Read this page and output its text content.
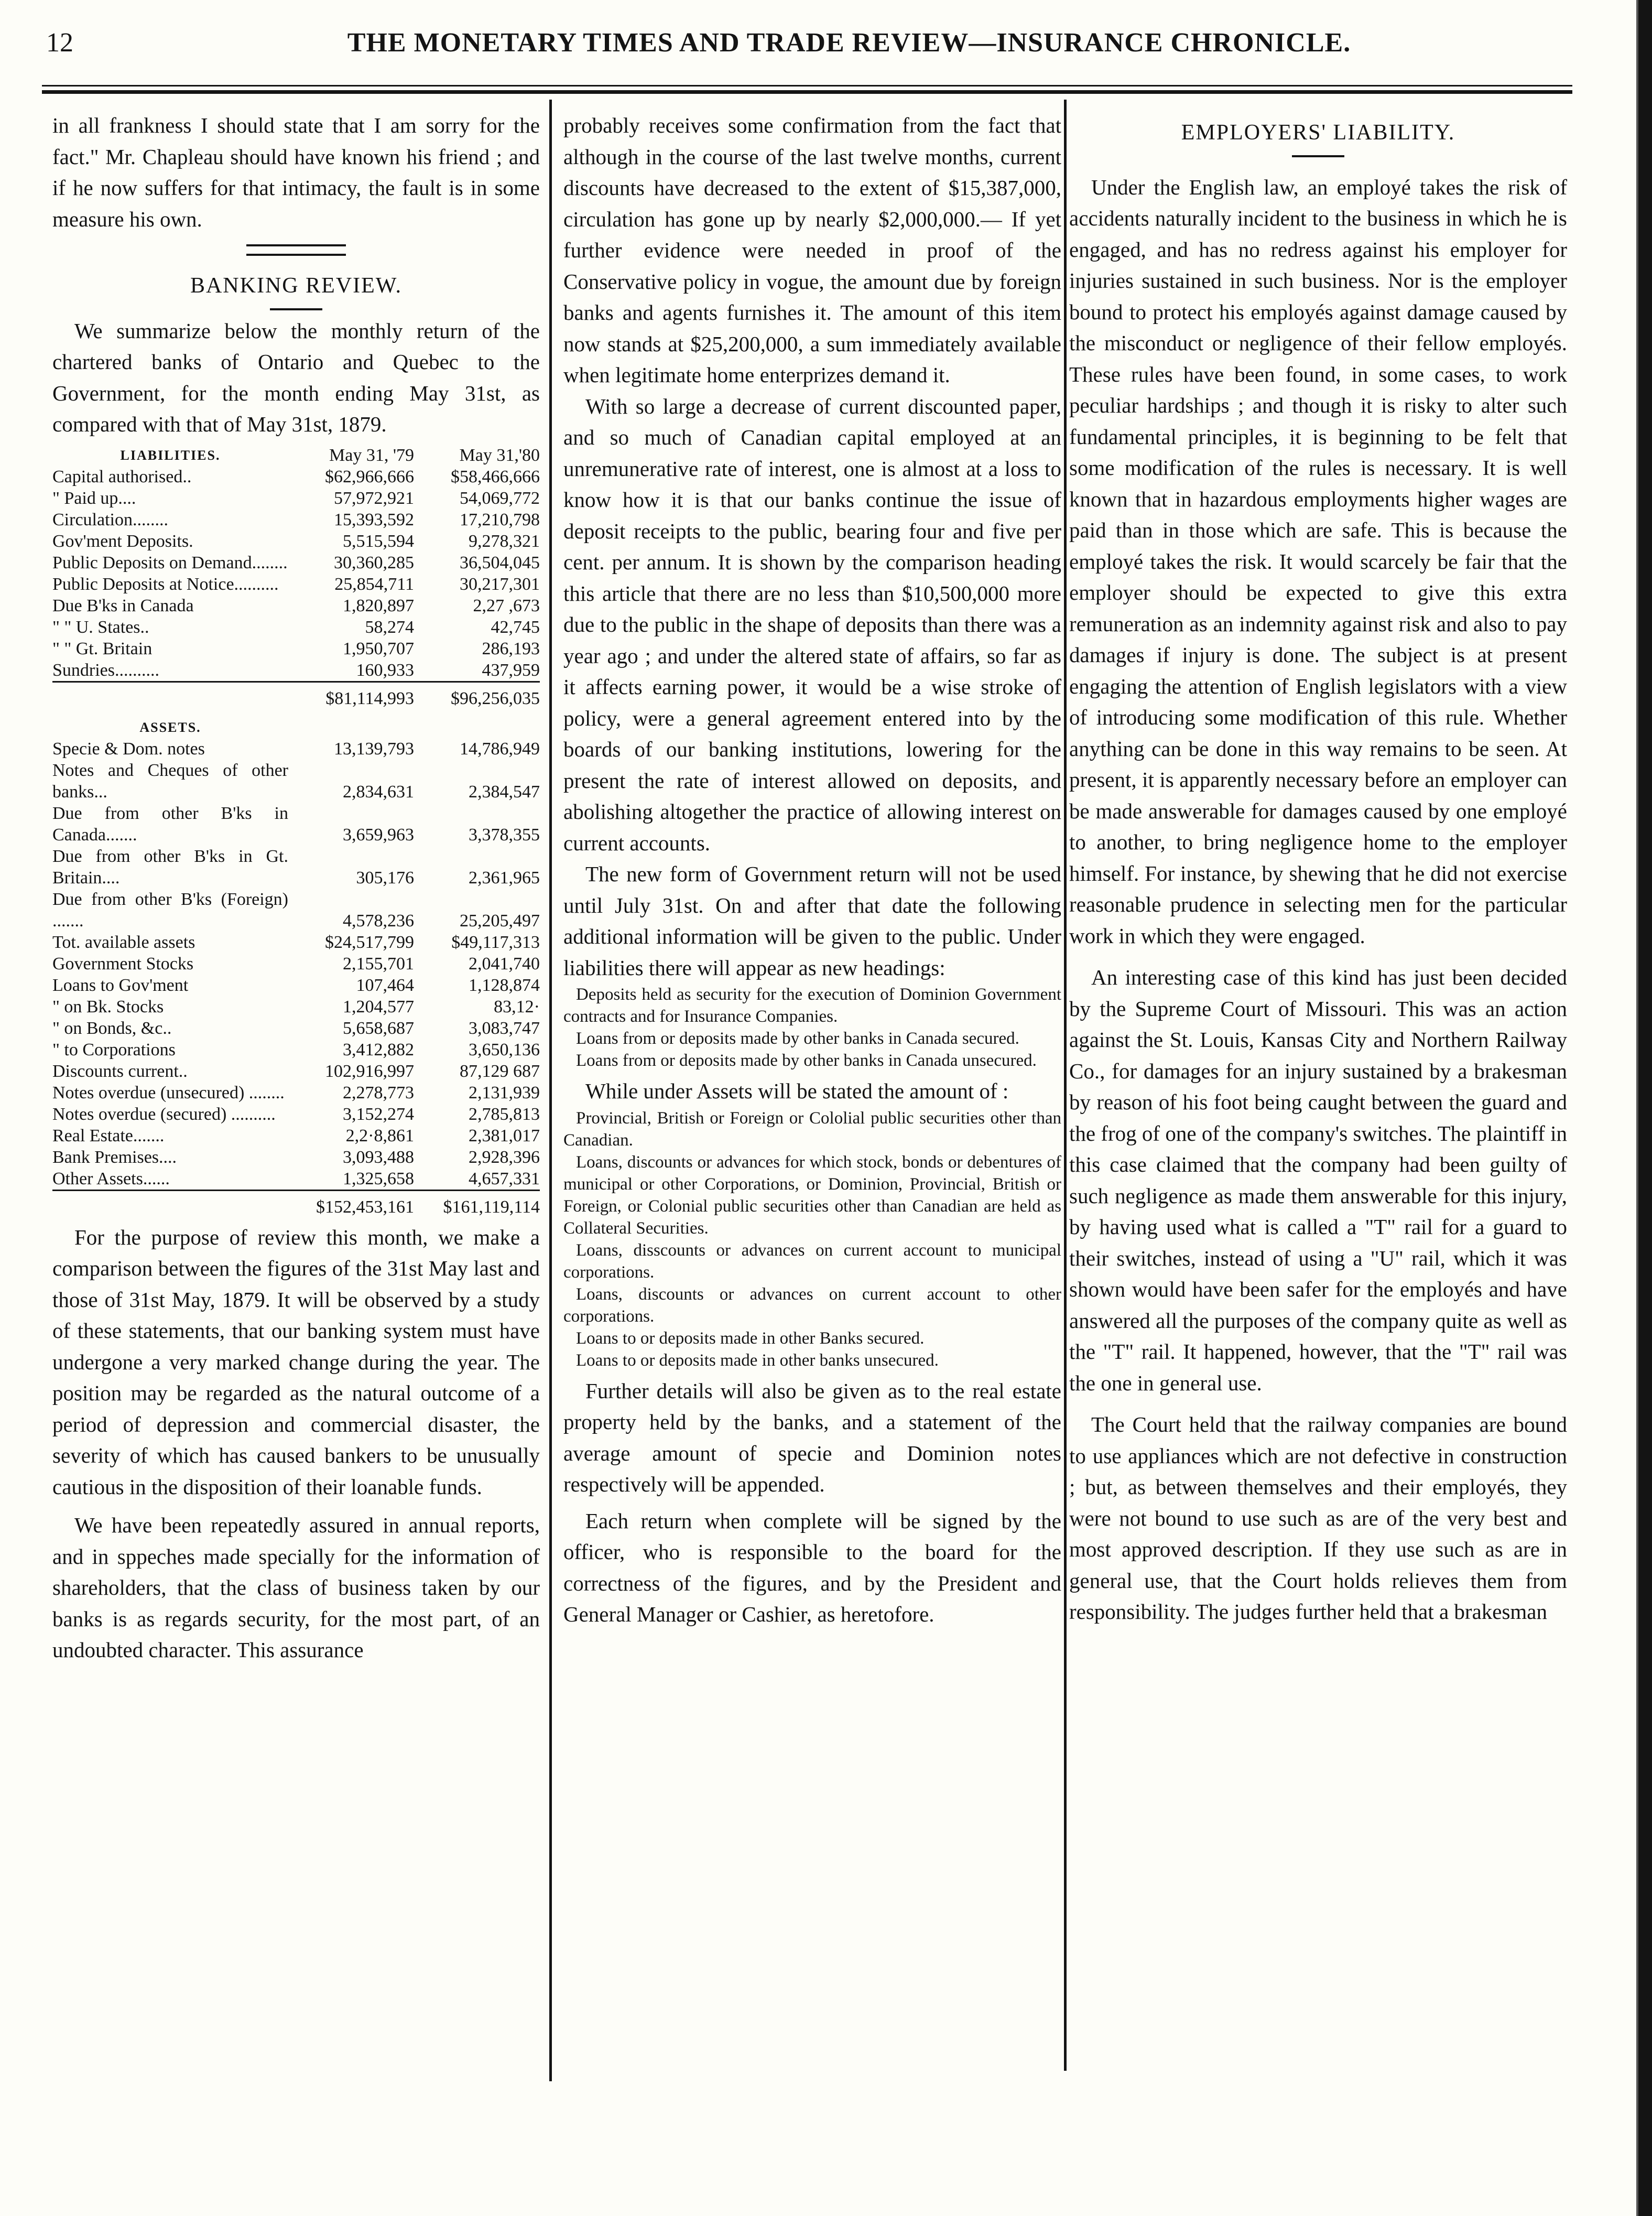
12	THE MONETARY TIMES AND TRADE REVIEW—INSURANCE CHRONICLE.

in all frankness I should state that I am sorry for the fact." Mr. Chapleau should have known his friend ; and if he now suffers for that intimacy, the fault is in some measure his own.

BANKING REVIEW.

We summarize below the monthly return of the chartered banks of Ontario and Quebec to the Government, for the month ending May 31st, as compared with that of May 31st, 1879.

LIABILITIES.	May 31, '79	May 31,'80
Capital authorised..	$62,966,666	$58,466,666
" Paid up....	57,972,921	54,069,772
Circulation........	15,393,592	17,210,798
Gov'ment Deposits.	5,515,594	9,278,321
Public Deposits on Demand........	30,360,285	36,504,045
Public Deposits at Notice..........	25,854,711	30,217,301
Due B'ks in Canada	1,820,897	2,27 ,673
" " U. States..	58,274	42,745
" " Gt. Britain	1,950,707	286,193
Sundries..........	160,933	437,959
	$81,114,993	$96,256,035

ASSETS.		
Specie & Dom. notes	13,139,793	14,786,949
Notes and Cheques of other banks...	2,834,631	2,384,547
Due from other B'ks in Canada.......	3,659,963	3,378,355
Due from other B'ks in Gt. Britain....	305,176	2,361,965
Due from other B'ks (Foreign) .......	4,578,236	25,205,497
Tot. available assets	$24,517,799	$49,117,313
Government Stocks	2,155,701	2,041,740
Loans to Gov'ment	107,464	1,128,874
" on Bk. Stocks	1,204,577	83,12·
" on Bonds, &c..	5,658,687	3,083,747
" to Corporations	3,412,882	3,650,136
Discounts current..	102,916,997	87,129 687
Notes overdue (unsecured) ........	2,278,773	2,131,939
Notes overdue (secured) ..........	3,152,274	2,785,813
Real Estate.......	2,2·8,861	2,381,017
Bank Premises....	3,093,488	2,928,396
Other Assets......	1,325,658	4,657,331
	$152,453,161	$161,119,114

For the purpose of review this month, we make a comparison between the figures of the 31st May last and those of 31st May, 1879. It will be observed by a study of these statements, that our banking system must have undergone a very marked change during the year. The position may be regarded as the natural outcome of a period of depression and commercial disaster, the severity of which has caused bankers to be unusually cautious in the disposition of their loanable funds.

We have been repeatedly assured in annual reports, and in sppeches made specially for the information of shareholders, that the class of business taken by our banks is as regards security, for the most part, of an undoubted character. This assurance

probably receives some confirmation from the fact that although in the course of the last twelve months, current discounts have decreased to the extent of $15,387,000, circulation has gone up by nearly $2,000,000.— If yet further evidence were needed in proof of the Conservative policy in vogue, the amount due by foreign banks and agents furnishes it. The amount of this item now stands at $25,200,000, a sum immediately available when legitimate home enterprizes demand it.

With so large a decrease of current discounted paper, and so much of Canadian capital employed at an unremunerative rate of interest, one is almost at a loss to know how it is that our banks continue the issue of deposit receipts to the public, bearing four and five per cent. per annum. It is shown by the comparison heading this article that there are no less than $10,500,000 more due to the public in the shape of deposits than there was a year ago ; and under the altered state of affairs, so far as it affects earning power, it would be a wise stroke of policy, were a general agreement entered into by the boards of our banking institutions, lowering for the present the rate of interest allowed on deposits, and abolishing altogether the practice of allowing interest on current accounts.

The new form of Government return will not be used until July 31st. On and after that date the following additional information will be given to the public. Under liabilities there will appear as new headings:

Deposits held as security for the execution of Dominion Government contracts and for Insurance Companies.

Loans from or deposits made by other banks in Canada secured.

Loans from or deposits made by other banks in Canada unsecured.

While under Assets will be stated the amount of :

Provincial, British or Foreign or Cololial public securities other than Canadian.

Loans, discounts or advances for which stock, bonds or debentures of municipal or other Corporations, or Dominion, Provincial, British or Foreign, or Colonial public securities other than Canadian are held as Collateral Securities.

Loans, disscounts or advances on current account to municipal corporations.

Loans, discounts or advances on current account to other corporations.

Loans to or deposits made in other Banks secured.

Loans to or deposits made in other banks unsecured.

Further details will also be given as to the real estate property held by the banks, and a statement of the average amount of specie and Dominion notes respectively will be appended.

Each return when complete will be signed by the officer, who is responsible to the board for the correctness of the figures, and by the President and General Manager or Cashier, as heretofore.

EMPLOYERS' LIABILITY.

Under the English law, an employé takes the risk of accidents naturally incident to the business in which he is engaged, and has no redress against his employer for injuries sustained in such business. Nor is the employer bound to protect his employés against damage caused by the misconduct or negligence of their fellow employés. These rules have been found, in some cases, to work peculiar hardships ; and though it is risky to alter such fundamental principles, it is beginning to be felt that some modification of the rules is necessary. It is well known that in hazardous employments higher wages are paid than in those which are safe. This is because the employé takes the risk. It would scarcely be fair that the employer should be expected to give this extra remuneration as an indemnity against risk and also to pay damages if injury is done. The subject is at present engaging the attention of English legislators with a view of introducing some modification of this rule. Whether anything can be done in this way remains to be seen. At present, it is apparently necessary before an employer can be made answerable for damages caused by one employé to another, to bring negligence home to the employer himself. For instance, by shewing that he did not exercise reasonable prudence in selecting men for the particular work in which they were engaged.

An interesting case of this kind has just been decided by the Supreme Court of Missouri. This was an action against the St. Louis, Kansas City and Northern Railway Co., for damages for an injury sustained by a brakesman by reason of his foot being caught between the guard and the frog of one of the company's switches. The plaintiff in this case claimed that the company had been guilty of such negligence as made them answerable for this injury, by having used what is called a "T" rail for a guard to their switches, instead of using a "U" rail, which it was shown would have been safer for the employés and have answered all the purposes of the company quite as well as the "T" rail. It happened, however, that the "T" rail was the one in general use.

The Court held that the railway companies are bound to use appliances which are not defective in construction ; but, as between themselves and their employés, they were not bound to use such as are of the very best and most approved description. If they use such as are in general use, that the Court holds relieves them from responsibility. The judges further held that a brakesman
